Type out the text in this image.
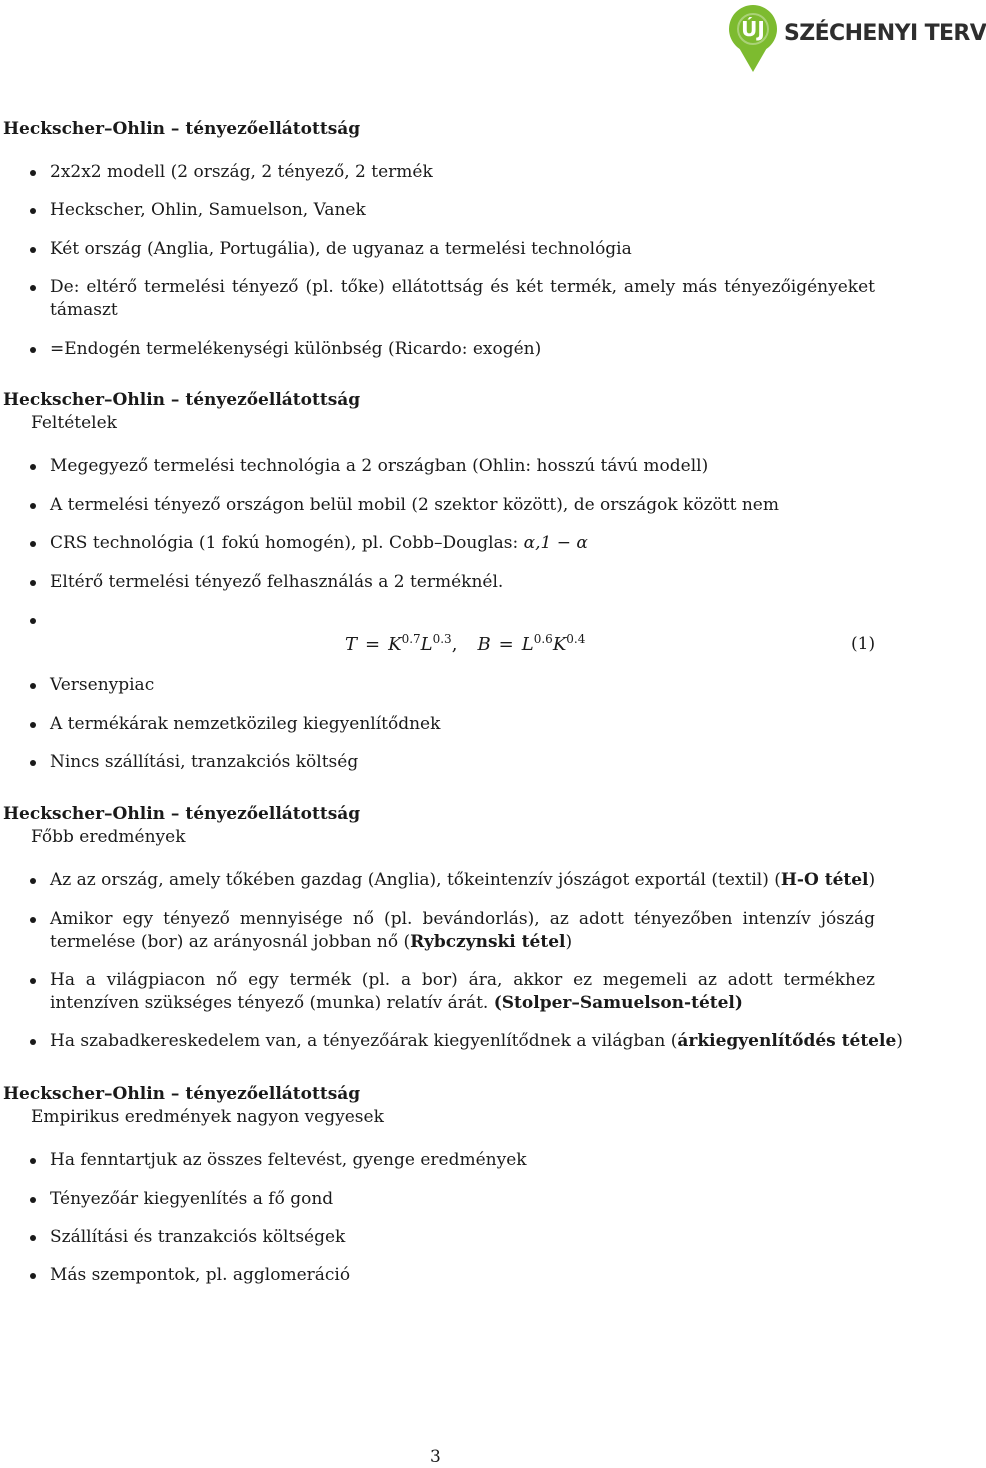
ÚJ SZÉCHENYI TERV
Heckscher–Ohlin – tényezőellátottság
2x2x2 modell (2 ország, 2 tényező, 2 termék
Heckscher, Ohlin, Samuelson, Vanek
Két ország (Anglia, Portugália), de ugyanaz a termelési technológia
De: eltérő termelési tényező (pl. tőke) ellátottság és két termék, amely más tényezőigényeket támaszt
=Endogén termelékenységi különbség (Ricardo: exogén)
Heckscher–Ohlin – tényezőellátottság
Feltételek
Megegyező termelési technológia a 2 országban (Ohlin: hosszú távú modell)
A termelési tényező országon belül mobil (2 szektor között), de országok között nem
CRS technológia (1 fokú homogén), pl. Cobb–Douglas: α,1 − α
Eltérő termelési tényező felhasználás a 2 terméknél.
$T = K^{0.7}L^{0.3}$, $B = L^{0.6}K^{0.4}$	(1)
Versenypiac
A termékárak nemzetközileg kiegyenlítődnek
Nincs szállítási, tranzakciós költség
Heckscher–Ohlin – tényezőellátottság
Főbb eredmények
Az az ország, amely tőkében gazdag (Anglia), tőkeintenzív jószágot exportál (textil) (H-O tétel)
Amikor egy tényező mennyisége nő (pl. bevándorlás), az adott tényezőben intenzív jószág termelése (bor) az arányosnál jobban nő (Rybczynski tétel)
Ha a világpiacon nő egy termék (pl. a bor) ára, akkor ez megemeli az adott termékhez intenzíven szükséges tényező (munka) relatív árát. (Stolper–Samuelson-tétel)
Ha szabadkereskedelem van, a tényezőárak kiegyenlítődnek a világban (árkiegyenlítődés tétele)
Heckscher–Ohlin – tényezőellátottság
Empirikus eredmények nagyon vegyesek
Ha fenntartjuk az összes feltevést, gyenge eredmények
Tényezőár kiegyenlítés a fő gond
Szállítási és tranzakciós költségek
Más szempontok, pl. agglomeráció
3
